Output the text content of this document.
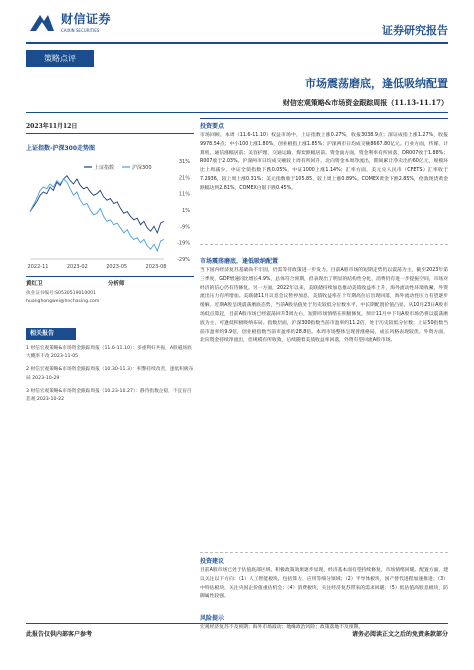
财信证券
CAIXIN SECURITIES	证券研究报告
策略点评
市场震荡磨底，逢低吸纳配置
财信宏观策略&市场资金跟踪周报（11.13-11.17）
2023年11月12日
上证指数-沪深300走势图
31%
21%
11%
1%
-9%
-19%
-29%
2022-11	2023-02	2023-05	2023-08
上证指数	沪深300
黄红卫	分析师
执业证书编号:S0530519010001
huanghongwei@hnchasing.com
相关报告
1 财信宏观策略&市场资金跟踪周报（11.6-11.10）：多重利好共振，A股磁场底大概率不改 2023-11-05
2 财信宏观策略&市场资金跟踪周报（10.30-11.3）：积弊持续改善，逢低积极布局 2023-10-29
3 财信宏观策略&市场资金跟踪周报（10.23-10.27）：静待指数企稳，不宜盲目悲观 2023-10-22
投资要点

市场回顾。本周（11.6-11.10）权益市场中，上证指数上涨0.27%，收报3038.9点；深证成指上涨1.27%，收报9978.54点；中小100上涨1.80%，创业板指上涨1.85%；沪深两市日均成交额8667.80亿元。行业方面，传媒、计算机、通信涨幅居前；美容护理、交通运输、煤炭跌幅居前。资金面方面，资金利率有所回落，DR007收于1.88%；R007收于2.03%。沪深两市日均成交额较上周有所回升。北向资金本周净流出，期间累计净卖出约60亿元，规模环比上周减少。中证全债指数下跌0.05%，中证1000上涨1.14%；汇率方面，美元兑人民币（CFETS）汇率收于7.2936，较上周上涨0.31%；美元指数收于105.85，较上周上涨0.89%。COMEX黄金下跌2.85%，伦敦现货黄金跌幅达到2.81%，COMEX白银下跌0.45%。

市场震荡磨底，逢低吸纳配置

当下国内经济复苏基础尚不牢固，仍需等待政策进一步发力。目前A股市场的短期走势仍以震荡为主。截至2023年第三季度，GDP增速同比增长4.9%，总体符合预期，但表现出了明显的结构性分化，消费仍有进一步提振空间，市场对经济的信心仍有待修复。另一方面，2022年以来，美联储持续加息推动美债收益率上升，海外流动性环境收紧，外资流出压力有所增加。美联储11月议息会议暂停加息，美债收益率在十年期高位后出现回落，海外流动性压力有望逐步缓解。近期A股呈现震荡磨底态势，当前A股估值处于历史较低分位数水平，中长期配置价值凸显。从10月23日A股市场低点算起，目前A股市场已经震荡回升3周左右，短期市场情绪在积极修复。预计11月中下旬A股市场仍将以震荡磨底为主，可逢低积极吸纳布局。指数层面，沪深300指数当前市盈率约11.2倍，处于历史较低分位数；上证50指数当前市盈率约9.9倍，创业板指数当前市盈率约28.8倍。本周市场整体呈现普涨格局，成长风格表现较优。外资方面，北向资金持续净流出，但规模有所收敛，后续随着美债收益率回落，外资有望回流A股市场。

投资建议

目前A股市场已处于估值底部区域，积极政策效果逐步显现，经济基本面有望持续修复，市场情绪回暖。配置方面，建议关注以下方向：（1）人工智能板块，包括算力、应用等细分领域；（2）半导体板块，国产替代进程加速推进；（3）中特估板块，关注央国企价值重估机会；（4）消费板块，关注经济复苏带来的需求回暖；（5）低估值高股息板块，防御属性较强。

风险提示

宏观经济复苏不及预期；海外市场波动；地缘政治风险；政策落地不及预期。

此报告仅供内部客户参考	请务必阅读正文之后的免责条款部分
